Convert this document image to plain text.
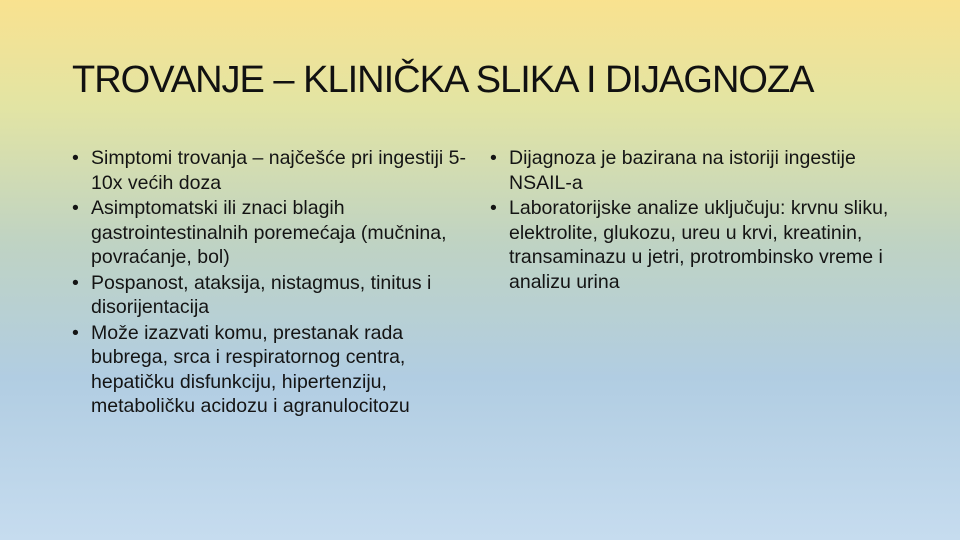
TROVANJE – KLINIČKA SLIKA I DIJAGNOZA
• Simptomi trovanja – najčešće pri ingestiji 5-10x većih doza
• Asimptomatski ili znaci blagih gastrointestinalnih poremećaja (mučnina, povraćanje, bol)
• Pospanost, ataksija, nistagmus, tinitus i disorijentacija
• Može izazvati komu, prestanak rada bubrega, srca i respiratornog centra, hepatičku disfunkciju, hipertenziju, metaboličku acidozu i agranulocitozu
• Dijagnoza je bazirana na istoriji ingestije NSAIL-a
• Laboratorijske analize uključuju: krvnu sliku, elektrolite, glukozu, ureu u krvi, kreatinin, transaminazu u jetri, protrombinsko vreme i analizu urina
